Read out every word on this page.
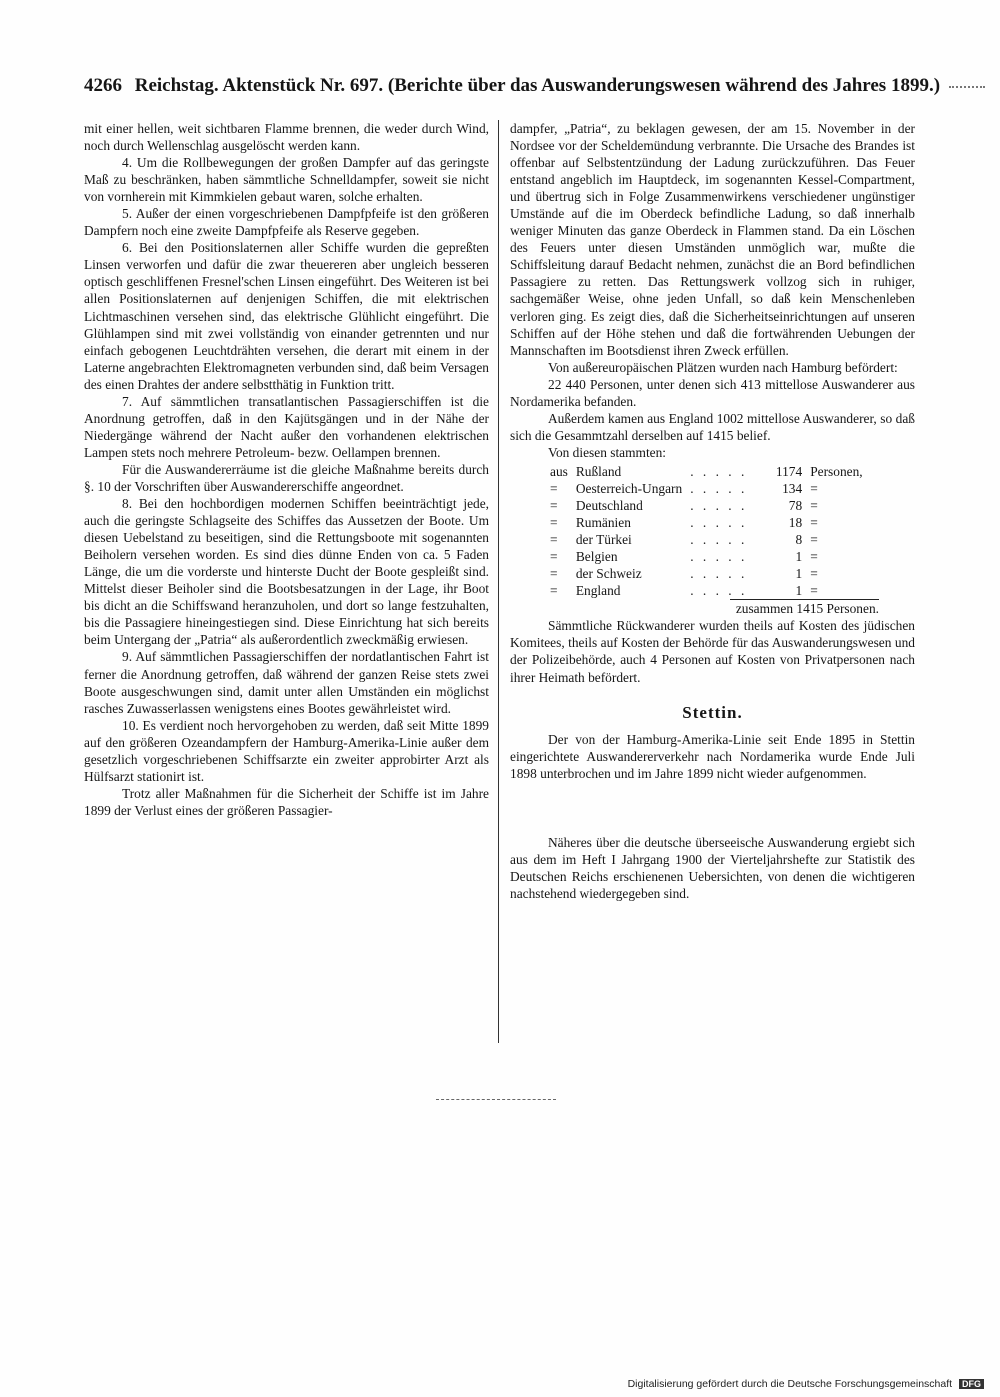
4266 Reichstag. Aktenstück Nr. 697. (Berichte über das Auswanderungswesen während des Jahres 1899.)

mit einer hellen, weit sichtbaren Flamme brennen, die weder durch Wind, noch durch Wellenschlag ausgelöscht werden kann.

4. Um die Rollbewegungen der großen Dampfer auf das geringste Maß zu beschränken, haben sämmtliche Schnelldampfer, soweit sie nicht von vornherein mit Kimmkielen gebaut waren, solche erhalten.

5. Außer der einen vorgeschriebenen Dampfpfeife ist den größeren Dampfern noch eine zweite Dampfpfeife als Reserve gegeben.

6. Bei den Positionslaternen aller Schiffe wurden die gepreßten Linsen verworfen und dafür die zwar theuereren aber ungleich besseren optisch geschliffenen Fresnel'schen Linsen eingeführt. Des Weiteren ist bei allen Positionslaternen auf denjenigen Schiffen, die mit elektrischen Lichtmaschinen versehen sind, das elektrische Glühlicht eingeführt. Die Glühlampen sind mit zwei vollständig von einander getrennten und nur einfach gebogenen Leuchtdrähten versehen, die derart mit einem in der Laterne angebrachten Elektromagneten verbunden sind, daß beim Versagen des einen Drahtes der andere selbstthätig in Funktion tritt.

7. Auf sämmtlichen transatlantischen Passagierschiffen ist die Anordnung getroffen, daß in den Kajütsgängen und in der Nähe der Niedergänge während der Nacht außer den vorhandenen elektrischen Lampen stets noch mehrere Petroleum- bezw. Oellampen brennen.

Für die Auswandererräume ist die gleiche Maßnahme bereits durch §. 10 der Vorschriften über Auswandererschiffe angeordnet.

8. Bei den hochbordigen modernen Schiffen beeinträchtigt jede, auch die geringste Schlagseite des Schiffes das Aussetzen der Boote. Um diesen Uebelstand zu beseitigen, sind die Rettungsboote mit sogenannten Beiholern versehen worden. Es sind dies dünne Enden von ca. 5 Faden Länge, die um die vorderste und hinterste Ducht der Boote gespleißt sind. Mittelst dieser Beiholer sind die Bootsbesatzungen in der Lage, ihr Boot bis dicht an die Schiffswand heranzuholen, und dort so lange festzuhalten, bis die Passagiere hineingestiegen sind. Diese Einrichtung hat sich bereits beim Untergang der „Patria“ als außerordentlich zweckmäßig erwiesen.

9. Auf sämmtlichen Passagierschiffen der nordatlantischen Fahrt ist ferner die Anordnung getroffen, daß während der ganzen Reise stets zwei Boote ausgeschwungen sind, damit unter allen Umständen ein möglichst rasches Zuwasserlassen wenigstens eines Bootes gewährleistet wird.

10. Es verdient noch hervorgehoben zu werden, daß seit Mitte 1899 auf den größeren Ozeandampfern der Hamburg-Amerika-Linie außer dem gesetzlich vorgeschriebenen Schiffsarzte ein zweiter approbirter Arzt als Hülfsarzt stationirt ist.

Trotz aller Maßnahmen für die Sicherheit der Schiffe ist im Jahre 1899 der Verlust eines der größeren Passagier-

dampfer, „Patria“, zu beklagen gewesen, der am 15. November in der Nordsee vor der Scheldemündung verbrannte. Die Ursache des Brandes ist offenbar auf Selbstentzündung der Ladung zurückzuführen. Das Feuer entstand angeblich im Hauptdeck, im sogenannten Kessel-Compartment, und übertrug sich in Folge Zusammenwirkens verschiedener ungünstiger Umstände auf die im Oberdeck befindliche Ladung, so daß innerhalb weniger Minuten das ganze Oberdeck in Flammen stand. Da ein Löschen des Feuers unter diesen Umständen unmöglich war, mußte die Schiffsleitung darauf Bedacht nehmen, zunächst die an Bord befindlichen Passagiere zu retten. Das Rettungswerk vollzog sich in ruhiger, sachgemäßer Weise, ohne jeden Unfall, so daß kein Menschenleben verloren ging. Es zeigt dies, daß die Sicherheitseinrichtungen auf unseren Schiffen auf der Höhe stehen und daß die fortwährenden Uebungen der Mannschaften im Bootsdienst ihren Zweck erfüllen.

Von außereuropäischen Plätzen wurden nach Hamburg befördert:

22 440 Personen, unter denen sich 413 mittellose Auswanderer aus Nordamerika befanden.

Außerdem kamen aus England 1002 mittellose Auswanderer, so daß sich die Gesammtzahl derselben auf 1415 belief.

Von diesen stammten:

aus	Rußland	. . . . .	1174	Personen,
=	Oesterreich-Ungarn	. . . . .	134	=
=	Deutschland	. . . . .	78	=
=	Rumänien	. . . . .	18	=
=	der Türkei	. . . . .	8	=
=	Belgien	. . . . .	1	=
=	der Schweiz	. . . . .	1	=
=	England	. . . . .	1	=
zusammen 1415 Personen.

Sämmtliche Rückwanderer wurden theils auf Kosten des jüdischen Komitees, theils auf Kosten der Behörde für das Auswanderungswesen und der Polizeibehörde, auch 4 Personen auf Kosten von Privatpersonen nach ihrer Heimath befördert.

Stettin.

Der von der Hamburg-Amerika-Linie seit Ende 1895 in Stettin eingerichtete Auswandererverkehr nach Nordamerika wurde Ende Juli 1898 unterbrochen und im Jahre 1899 nicht wieder aufgenommen.

Näheres über die deutsche überseeische Auswanderung ergiebt sich aus dem im Heft I Jahrgang 1900 der Vierteljahrshefte zur Statistik des Deutschen Reichs erschienenen Uebersichten, von denen die wichtigeren nachstehend wiedergegeben sind.

Digitalisierung gefördert durch die Deutsche Forschungsgemeinschaft DFG
